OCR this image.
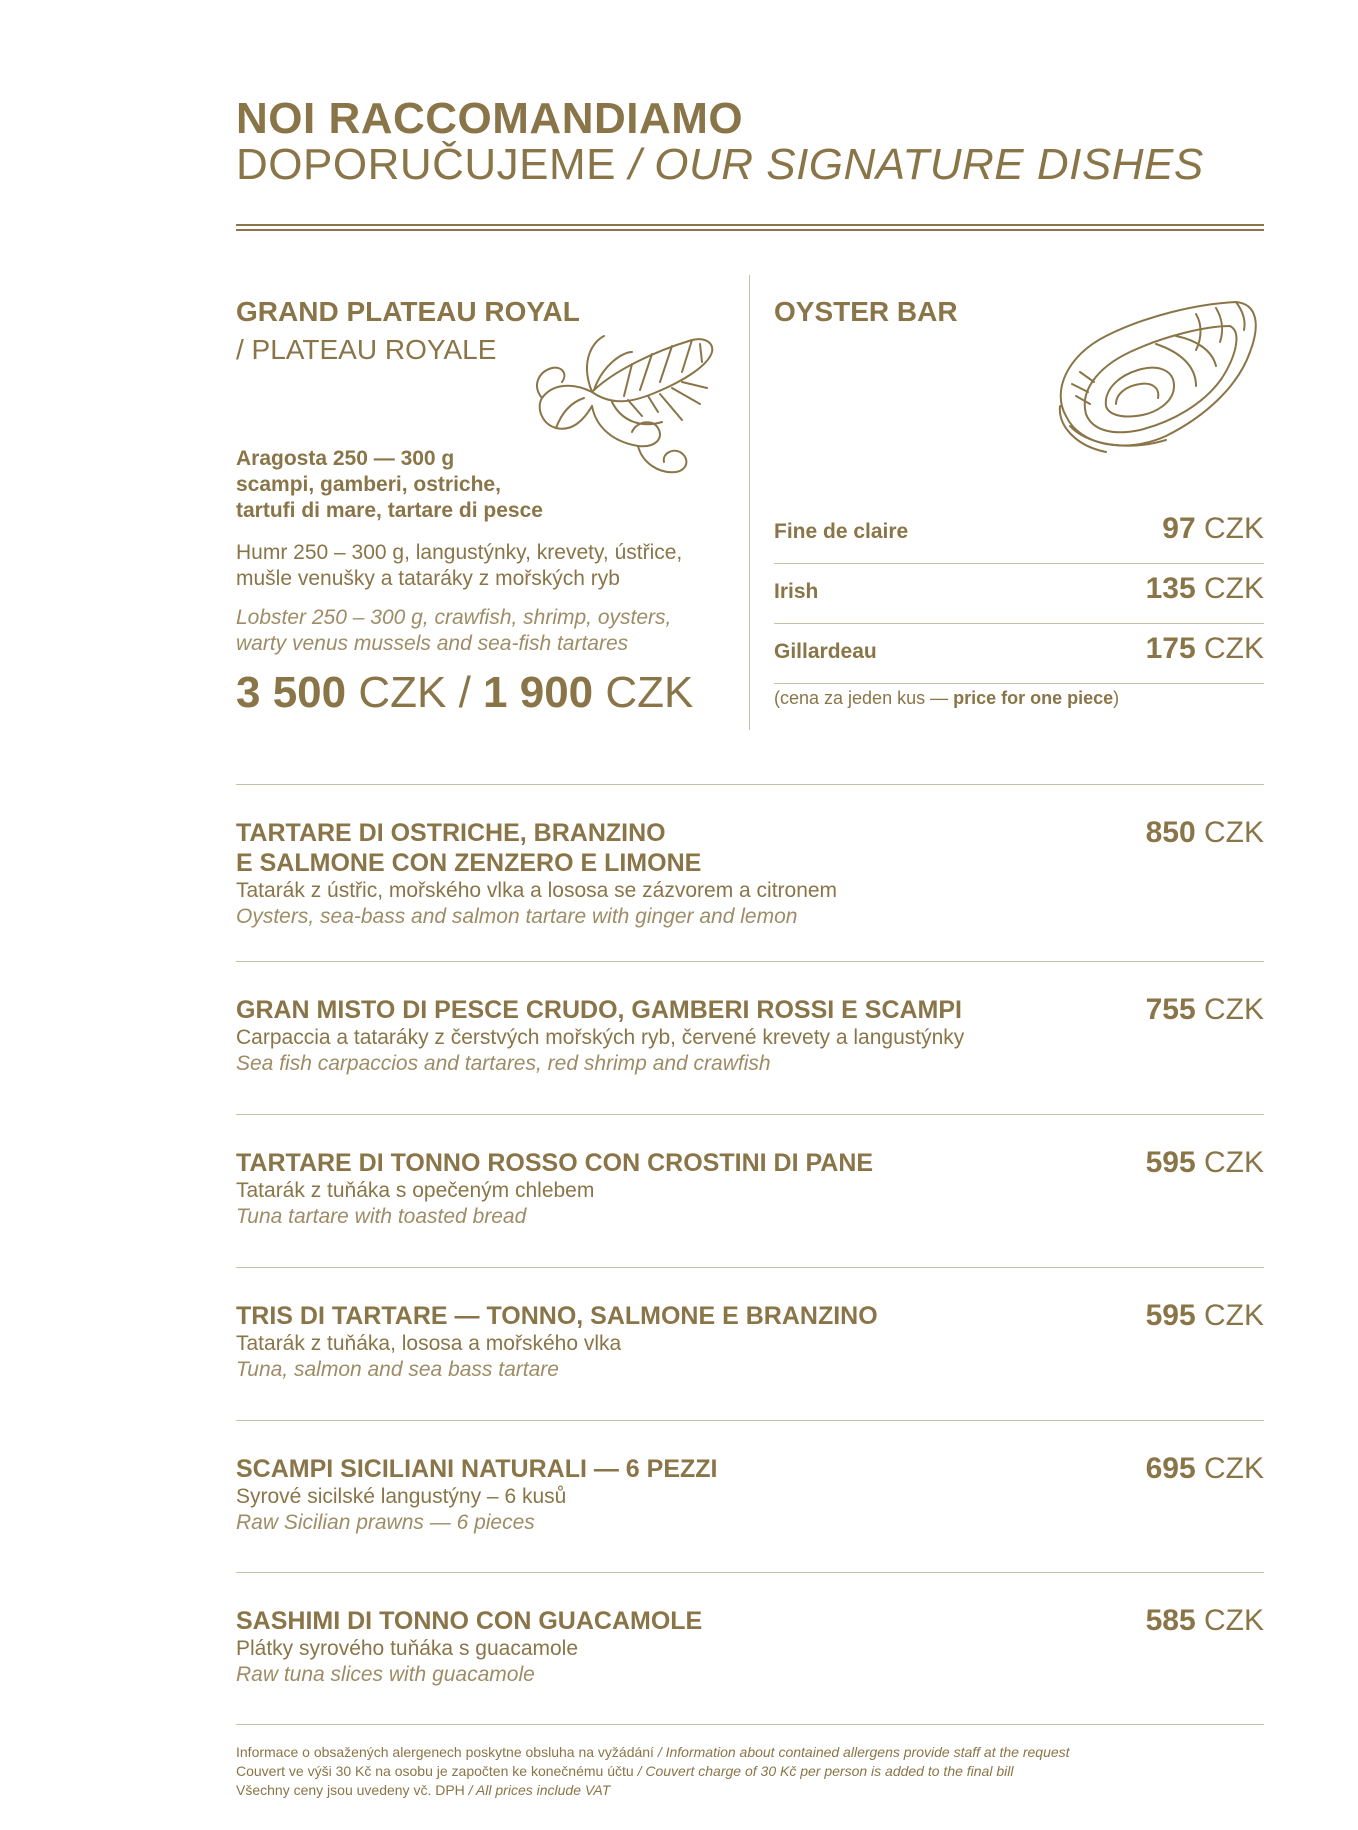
NOI RACCOMANDIAMO
DOPORUČUJEME / OUR SIGNATURE DISHES
GRAND PLATEAU ROYAL
/ PLATEAU ROYALE
Aragosta 250 — 300 g
scampi, gamberi, ostriche,
tartufi di mare, tartare di pesce
Humr 250 – 300 g, langustýnky, krevety, ústřice,
mušle venušky a tataráky z mořských ryb
Lobster 250 – 300 g, crawfish, shrimp, oysters,
warty venus mussels and sea-fish tartares
3 500 CZK / 1 900 CZK
OYSTER BAR
Fine de claire	97 CZK
Irish	135 CZK
Gillardeau	175 CZK
(cena za jeden kus — price for one piece)
TARTARE DI OSTRICHE, BRANZINO
E SALMONE CON ZENZERO E LIMONE
Tatarák z ústřic, mořského vlka a lososa se zázvorem a citronem
Oysters, sea-bass and salmon tartare with ginger and lemon
850 CZK
GRAN MISTO DI PESCE CRUDO, GAMBERI ROSSI E SCAMPI
Carpaccia a tataráky z čerstvých mořských ryb, červené krevety a langustýnky
Sea fish carpaccios and tartares, red shrimp and crawfish
755 CZK
TARTARE DI TONNO ROSSO CON CROSTINI DI PANE
Tatarák z tuňáka s opečeným chlebem
Tuna tartare with toasted bread
595 CZK
TRIS DI TARTARE — TONNO, SALMONE E BRANZINO
Tatarák z tuňáka, lososa a mořského vlka
Tuna, salmon and sea bass tartare
595 CZK
SCAMPI SICILIANI NATURALI — 6 PEZZI
Syrové sicilské langustýny – 6 kusů
Raw Sicilian prawns — 6 pieces
695 CZK
SASHIMI DI TONNO CON GUACAMOLE
Plátky syrového tuňáka s guacamole
Raw tuna slices with guacamole
585 CZK
Informace o obsažených alergenech poskytne obsluha na vyžádání / Information about contained allergens provide staff at the request
Couvert ve výši 30 Kč na osobu je započten ke konečnému účtu / Couvert charge of 30 Kč per person is added to the final bill
Všechny ceny jsou uvedeny vč. DPH / All prices include VAT
